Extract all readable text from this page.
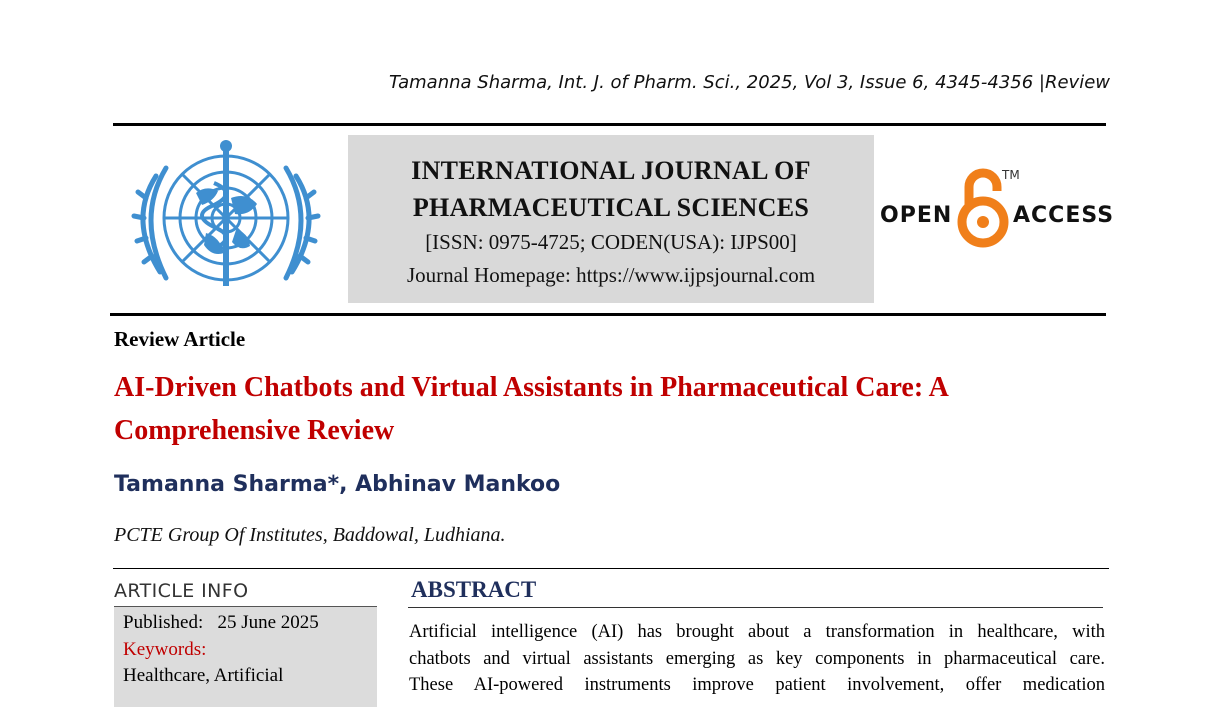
Tamanna Sharma, Int. J. of Pharm. Sci., 2025, Vol 3, Issue 6, 4345-4356 |Review
INTERNATIONAL JOURNAL OF
PHARMACEUTICAL SCIENCES
[ISSN: 0975-4725; CODEN(USA): IJPS00]
Journal Homepage: https://www.ijpsjournal.com
OPEN
TM
ACCESS
Review Article
AI-Driven Chatbots and Virtual Assistants in Pharmaceutical Care: A
Comprehensive Review
Tamanna Sharma*, Abhinav Mankoo
PCTE Group Of Institutes, Baddowal, Ludhiana.
ARTICLE INFO
Published: 25 June 2025
Keywords:
Healthcare, Artificial
ABSTRACT
Artificial intelligence (AI) has brought about a transformation in healthcare, with
chatbots and virtual assistants emerging as key components in pharmaceutical care.
These AI-powered instruments improve patient involvement, offer medication
